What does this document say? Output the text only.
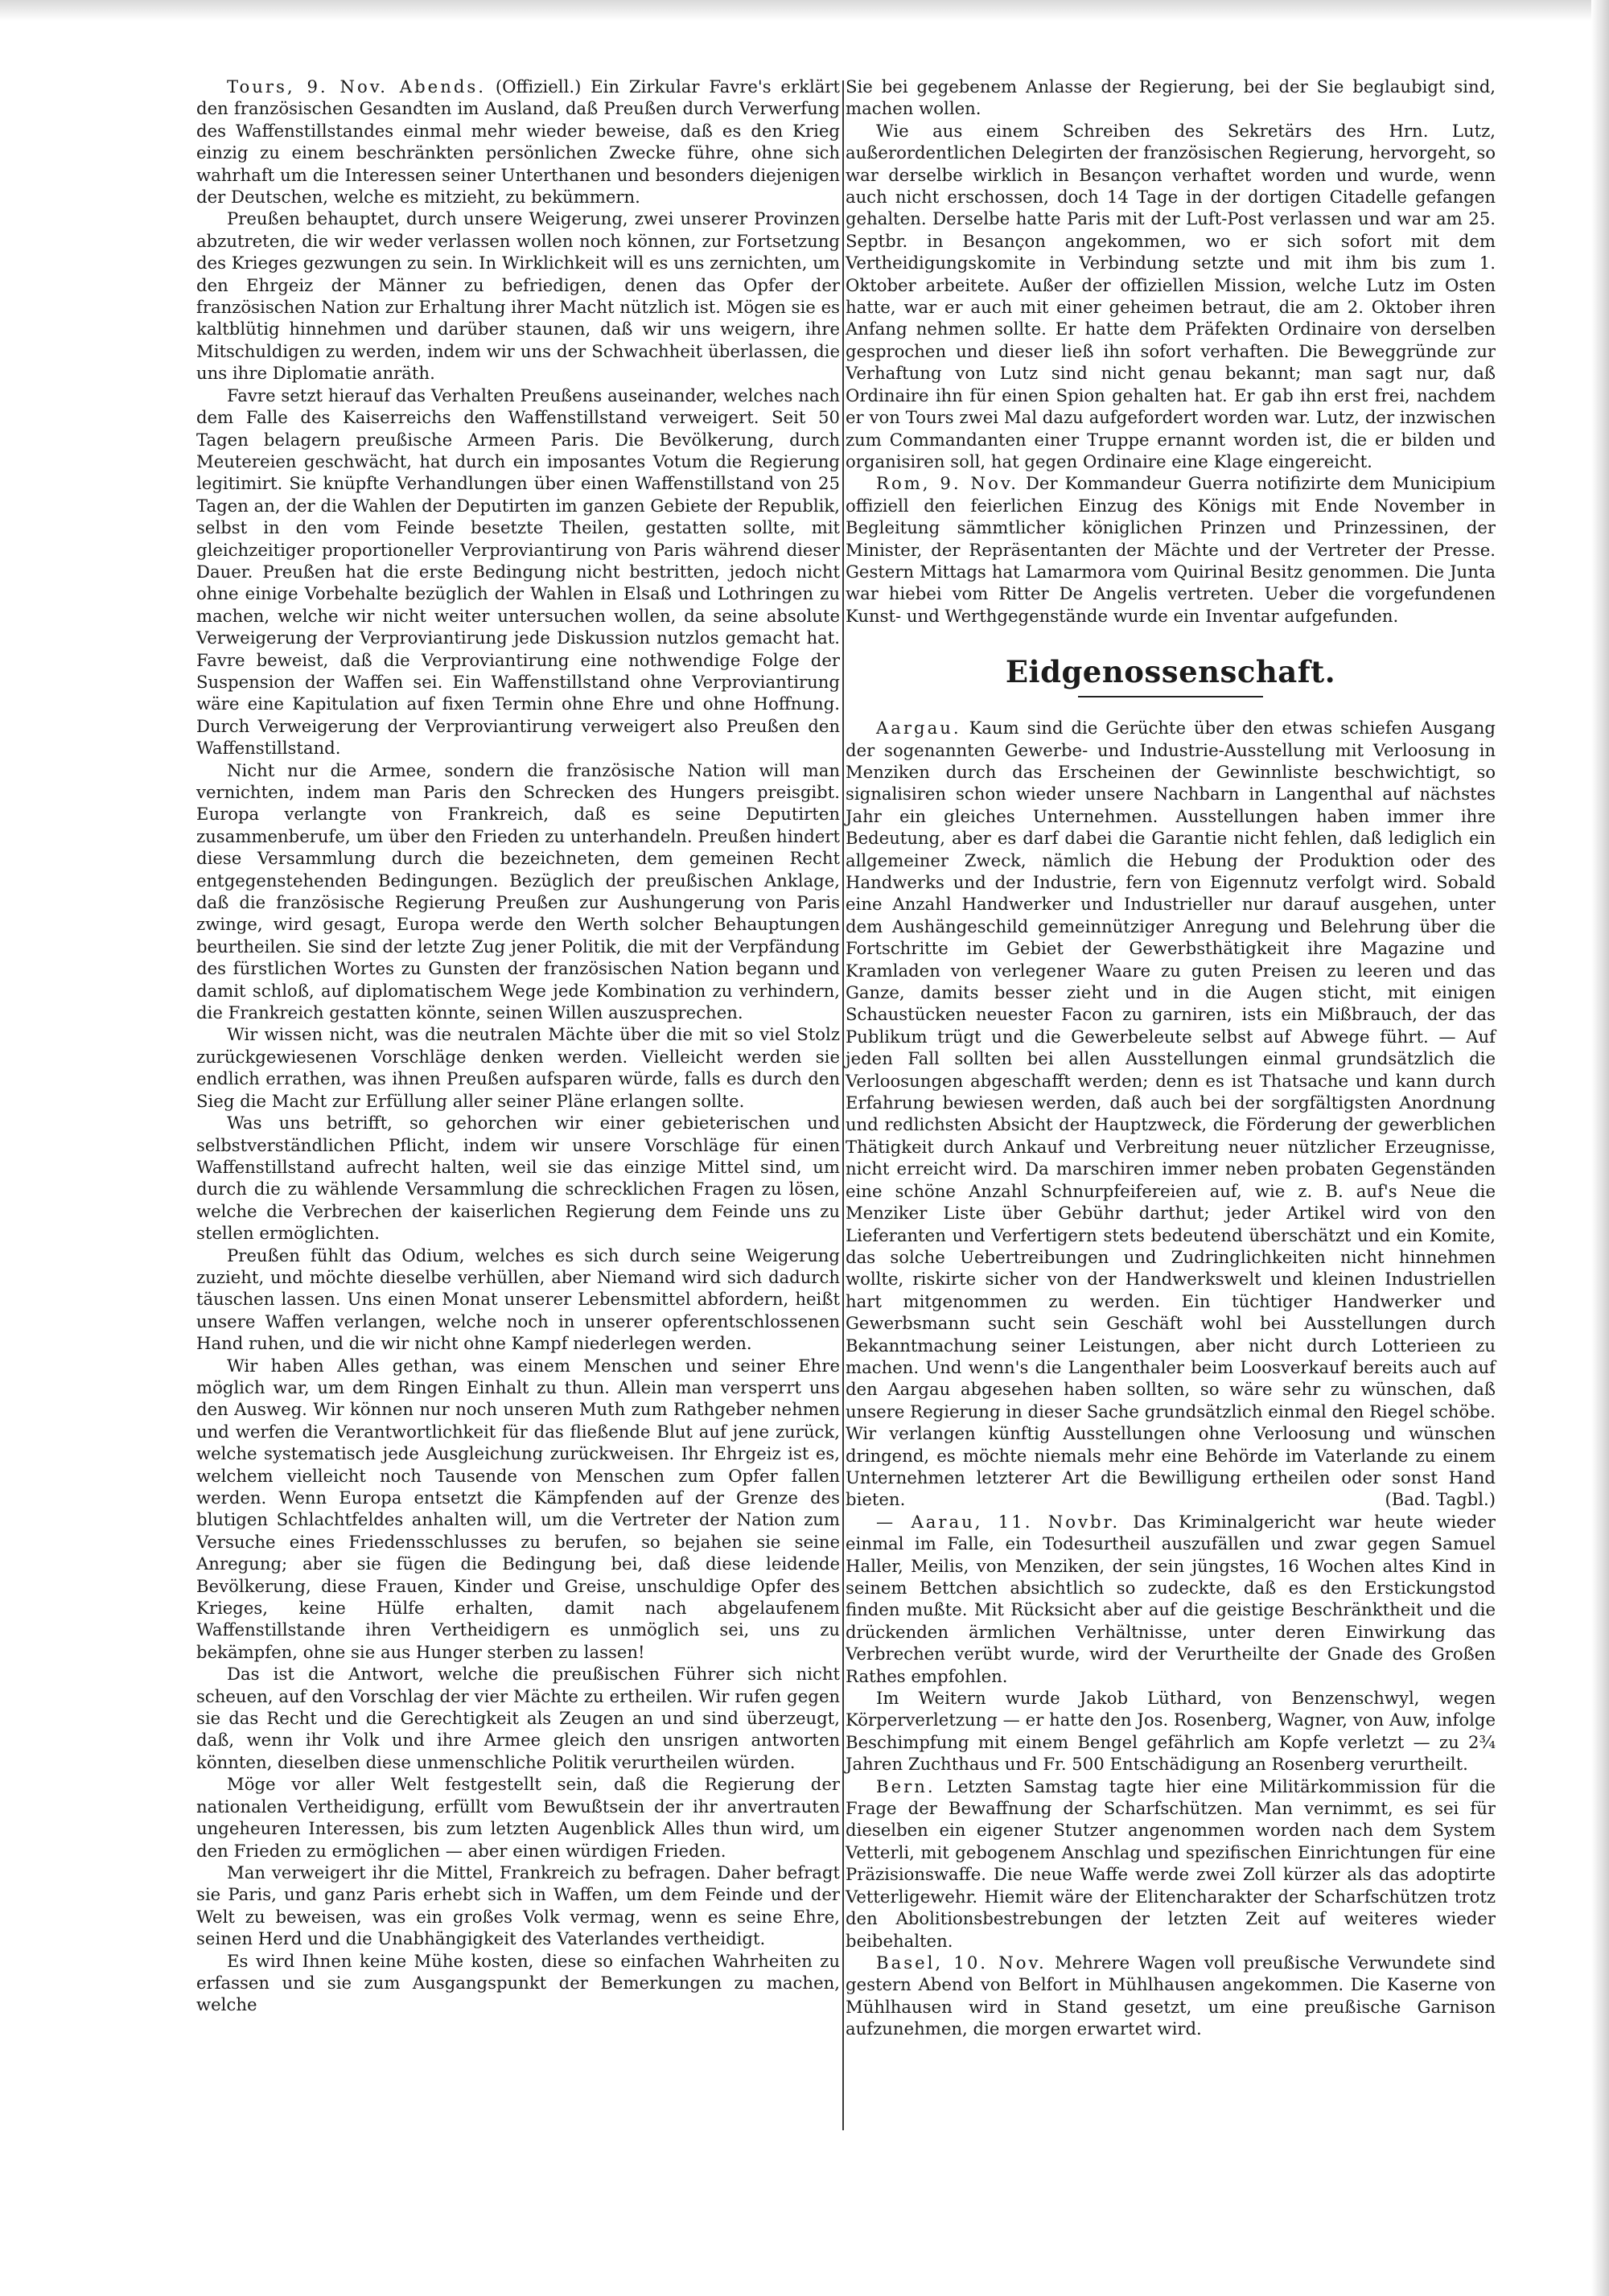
Tours, 9. Nov. Abends. (Offiziell.) Ein Zirkular Favre's erklärt den französischen Gesandten im Ausland, daß Preußen durch Verwerfung des Waffenstillstandes einmal mehr wieder beweise, daß es den Krieg einzig zu einem beschränkten persönlichen Zwecke führe, ohne sich wahrhaft um die Interessen seiner Unterthanen und besonders diejenigen der Deutschen, welche es mitzieht, zu bekümmern.

Preußen behauptet, durch unsere Weigerung, zwei unserer Provinzen abzutreten, die wir weder verlassen wollen noch können, zur Fortsetzung des Krieges gezwungen zu sein. In Wirklichkeit will es uns zernichten, um den Ehrgeiz der Männer zu befriedigen, denen das Opfer der französischen Nation zur Erhaltung ihrer Macht nützlich ist. Mögen sie es kaltblütig hinnehmen und darüber staunen, daß wir uns weigern, ihre Mitschuldigen zu werden, indem wir uns der Schwachheit überlassen, die uns ihre Diplomatie anräth.

Favre setzt hierauf das Verhalten Preußens auseinander, welches nach dem Falle des Kaiserreichs den Waffenstillstand verweigert. Seit 50 Tagen belagern preußische Armeen Paris. Die Bevölkerung, durch Meutereien geschwächt, hat durch ein imposantes Votum die Regierung legitimirt. Sie knüpfte Verhandlungen über einen Waffenstillstand von 25 Tagen an, der die Wahlen der Deputirten im ganzen Gebiete der Republik, selbst in den vom Feinde besetzte Theilen, gestatten sollte, mit gleichzeitiger proportioneller Verproviantirung von Paris während dieser Dauer. Preußen hat die erste Bedingung nicht bestritten, jedoch nicht ohne einige Vorbehalte bezüglich der Wahlen in Elsaß und Lothringen zu machen, welche wir nicht weiter untersuchen wollen, da seine absolute Verweigerung der Verproviantirung jede Diskussion nutzlos gemacht hat. Favre beweist, daß die Verproviantirung eine nothwendige Folge der Suspension der Waffen sei. Ein Waffenstillstand ohne Verproviantirung wäre eine Kapitulation auf fixen Termin ohne Ehre und ohne Hoffnung. Durch Verweigerung der Verproviantirung verweigert also Preußen den Waffenstillstand.

Nicht nur die Armee, sondern die französische Nation will man vernichten, indem man Paris den Schrecken des Hungers preisgibt. Europa verlangte von Frankreich, daß es seine Deputirten zusammenberufe, um über den Frieden zu unterhandeln. Preußen hindert diese Versammlung durch die bezeichneten, dem gemeinen Recht entgegenstehenden Bedingungen. Bezüglich der preußischen Anklage, daß die französische Regierung Preußen zur Aushungerung von Paris zwinge, wird gesagt, Europa werde den Werth solcher Behauptungen beurtheilen. Sie sind der letzte Zug jener Politik, die mit der Verpfändung des fürstlichen Wortes zu Gunsten der französischen Nation begann und damit schloß, auf diplomatischem Wege jede Kombination zu verhindern, die Frankreich gestatten könnte, seinen Willen auszusprechen.

Wir wissen nicht, was die neutralen Mächte über die mit so viel Stolz zurückgewiesenen Vorschläge denken werden. Vielleicht werden sie endlich errathen, was ihnen Preußen aufsparen würde, falls es durch den Sieg die Macht zur Erfüllung aller seiner Pläne erlangen sollte.

Was uns betrifft, so gehorchen wir einer gebieterischen und selbstverständlichen Pflicht, indem wir unsere Vorschläge für einen Waffenstillstand aufrecht halten, weil sie das einzige Mittel sind, um durch die zu wählende Versammlung die schrecklichen Fragen zu lösen, welche die Verbrechen der kaiserlichen Regierung dem Feinde uns zu stellen ermöglichten.

Preußen fühlt das Odium, welches es sich durch seine Weigerung zuzieht, und möchte dieselbe verhüllen, aber Niemand wird sich dadurch täuschen lassen. Uns einen Monat unserer Lebensmittel abfordern, heißt unsere Waffen verlangen, welche noch in unserer opferentschlossenen Hand ruhen, und die wir nicht ohne Kampf niederlegen werden.

Wir haben Alles gethan, was einem Menschen und seiner Ehre möglich war, um dem Ringen Einhalt zu thun. Allein man versperrt uns den Ausweg. Wir können nur noch unseren Muth zum Rathgeber nehmen und werfen die Verantwortlichkeit für das fließende Blut auf jene zurück, welche systematisch jede Ausgleichung zurückweisen. Ihr Ehrgeiz ist es, welchem vielleicht noch Tausende von Menschen zum Opfer fallen werden. Wenn Europa entsetzt die Kämpfenden auf der Grenze des blutigen Schlachtfeldes anhalten will, um die Vertreter der Nation zum Versuche eines Friedensschlusses zu berufen, so bejahen sie seine Anregung; aber sie fügen die Bedingung bei, daß diese leidende Bevölkerung, diese Frauen, Kinder und Greise, unschuldige Opfer des Krieges, keine Hülfe erhalten, damit nach abgelaufenem Waffenstillstande ihren Vertheidigern es unmöglich sei, uns zu bekämpfen, ohne sie aus Hunger sterben zu lassen!

Das ist die Antwort, welche die preußischen Führer sich nicht scheuen, auf den Vorschlag der vier Mächte zu ertheilen. Wir rufen gegen sie das Recht und die Gerechtigkeit als Zeugen an und sind überzeugt, daß, wenn ihr Volk und ihre Armee gleich den unsrigen antworten könnten, dieselben diese unmenschliche Politik verurtheilen würden.

Möge vor aller Welt festgestellt sein, daß die Regierung der nationalen Vertheidigung, erfüllt vom Bewußtsein der ihr anvertrauten ungeheuren Interessen, bis zum letzten Augenblick Alles thun wird, um den Frieden zu ermöglichen — aber einen würdigen Frieden.

Man verweigert ihr die Mittel, Frankreich zu befragen. Daher befragt sie Paris, und ganz Paris erhebt sich in Waffen, um dem Feinde und der Welt zu beweisen, was ein großes Volk vermag, wenn es seine Ehre, seinen Herd und die Unabhängigkeit des Vaterlandes vertheidigt.

Es wird Ihnen keine Mühe kosten, diese so einfachen Wahrheiten zu erfassen und sie zum Ausgangspunkt der Bemerkungen zu machen, welche

Sie bei gegebenem Anlasse der Regierung, bei der Sie beglaubigt sind, machen wollen.

Wie aus einem Schreiben des Sekretärs des Hrn. Lutz, außerordentlichen Delegirten der französischen Regierung, hervorgeht, so war derselbe wirklich in Besançon verhaftet worden und wurde, wenn auch nicht erschossen, doch 14 Tage in der dortigen Citadelle gefangen gehalten. Derselbe hatte Paris mit der Luft-Post verlassen und war am 25. Septbr. in Besançon angekommen, wo er sich sofort mit dem Vertheidigungskomite in Verbindung setzte und mit ihm bis zum 1. Oktober arbeitete. Außer der offiziellen Mission, welche Lutz im Osten hatte, war er auch mit einer geheimen betraut, die am 2. Oktober ihren Anfang nehmen sollte. Er hatte dem Präfekten Ordinaire von derselben gesprochen und dieser ließ ihn sofort verhaften. Die Beweggründe zur Verhaftung von Lutz sind nicht genau bekannt; man sagt nur, daß Ordinaire ihn für einen Spion gehalten hat. Er gab ihn erst frei, nachdem er von Tours zwei Mal dazu aufgefordert worden war. Lutz, der inzwischen zum Commandanten einer Truppe ernannt worden ist, die er bilden und organisiren soll, hat gegen Ordinaire eine Klage eingereicht.

Rom, 9. Nov. Der Kommandeur Guerra notifizirte dem Municipium offiziell den feierlichen Einzug des Königs mit Ende November in Begleitung sämmtlicher königlichen Prinzen und Prinzessinen, der Minister, der Repräsentanten der Mächte und der Vertreter der Presse. Gestern Mittags hat Lamarmora vom Quirinal Besitz genommen. Die Junta war hiebei vom Ritter De Angelis vertreten. Ueber die vorgefundenen Kunst- und Werthgegenstände wurde ein Inventar aufgefunden.

Eidgenossenschaft.

Aargau. Kaum sind die Gerüchte über den etwas schiefen Ausgang der sogenannten Gewerbe- und Industrie-Ausstellung mit Verloosung in Menziken durch das Erscheinen der Gewinnliste beschwichtigt, so signalisiren schon wieder unsere Nachbarn in Langenthal auf nächstes Jahr ein gleiches Unternehmen. Ausstellungen haben immer ihre Bedeutung, aber es darf dabei die Garantie nicht fehlen, daß lediglich ein allgemeiner Zweck, nämlich die Hebung der Produktion oder des Handwerks und der Industrie, fern von Eigennutz verfolgt wird. Sobald eine Anzahl Handwerker und Industrieller nur darauf ausgehen, unter dem Aushängeschild gemeinnütziger Anregung und Belehrung über die Fortschritte im Gebiet der Gewerbsthätigkeit ihre Magazine und Kramladen von verlegener Waare zu guten Preisen zu leeren und das Ganze, damits besser zieht und in die Augen sticht, mit einigen Schaustücken neuester Facon zu garniren, ists ein Mißbrauch, der das Publikum trügt und die Gewerbeleute selbst auf Abwege führt. — Auf jeden Fall sollten bei allen Ausstellungen einmal grundsätzlich die Verloosungen abgeschafft werden; denn es ist Thatsache und kann durch Erfahrung bewiesen werden, daß auch bei der sorgfältigsten Anordnung und redlichsten Absicht der Hauptzweck, die Förderung der gewerblichen Thätigkeit durch Ankauf und Verbreitung neuer nützlicher Erzeugnisse, nicht erreicht wird. Da marschiren immer neben probaten Gegenständen eine schöne Anzahl Schnurpfeifereien auf, wie z. B. auf's Neue die Menziker Liste über Gebühr darthut; jeder Artikel wird von den Lieferanten und Verfertigern stets bedeutend überschätzt und ein Komite, das solche Uebertreibungen und Zudringlichkeiten nicht hinnehmen wollte, riskirte sicher von der Handwerkswelt und kleinen Industriellen hart mitgenommen zu werden. Ein tüchtiger Handwerker und Gewerbsmann sucht sein Geschäft wohl bei Ausstellungen durch Bekanntmachung seiner Leistungen, aber nicht durch Lotterieen zu machen. Und wenn's die Langenthaler beim Loosverkauf bereits auch auf den Aargau abgesehen haben sollten, so wäre sehr zu wünschen, daß unsere Regierung in dieser Sache grundsätzlich einmal den Riegel schöbe. Wir verlangen künftig Ausstellungen ohne Verloosung und wünschen dringend, es möchte niemals mehr eine Behörde im Vaterlande zu einem Unternehmen letzterer Art die Bewilligung ertheilen oder sonst Hand bieten.	(Bad. Tagbl.)

— Aarau, 11. Novbr. Das Kriminalgericht war heute wieder einmal im Falle, ein Todesurtheil auszufällen und zwar gegen Samuel Haller, Meilis, von Menziken, der sein jüngstes, 16 Wochen altes Kind in seinem Bettchen absichtlich so zudeckte, daß es den Erstickungstod finden mußte. Mit Rücksicht aber auf die geistige Beschränktheit und die drückenden ärmlichen Verhältnisse, unter deren Einwirkung das Verbrechen verübt wurde, wird der Verurtheilte der Gnade des Großen Rathes empfohlen.

Im Weitern wurde Jakob Lüthard, von Benzenschwyl, wegen Körperverletzung — er hatte den Jos. Rosenberg, Wagner, von Auw, infolge Beschimpfung mit einem Bengel gefährlich am Kopfe verletzt — zu 2¾ Jahren Zuchthaus und Fr. 500 Entschädigung an Rosenberg verurtheilt.

Bern. Letzten Samstag tagte hier eine Militärkommission für die Frage der Bewaffnung der Scharfschützen. Man vernimmt, es sei für dieselben ein eigener Stutzer angenommen worden nach dem System Vetterli, mit gebogenem Anschlag und spezifischen Einrichtungen für eine Präzisionswaffe. Die neue Waffe werde zwei Zoll kürzer als das adoptirte Vetterligewehr. Hiemit wäre der Elitencharakter der Scharfschützen trotz den Abolitionsbestrebungen der letzten Zeit auf weiteres wieder beibehalten.

Basel, 10. Nov. Mehrere Wagen voll preußische Verwundete sind gestern Abend von Belfort in Mühlhausen angekommen. Die Kaserne von Mühlhausen wird in Stand gesetzt, um eine preußische Garnison aufzunehmen, die morgen erwartet wird.
